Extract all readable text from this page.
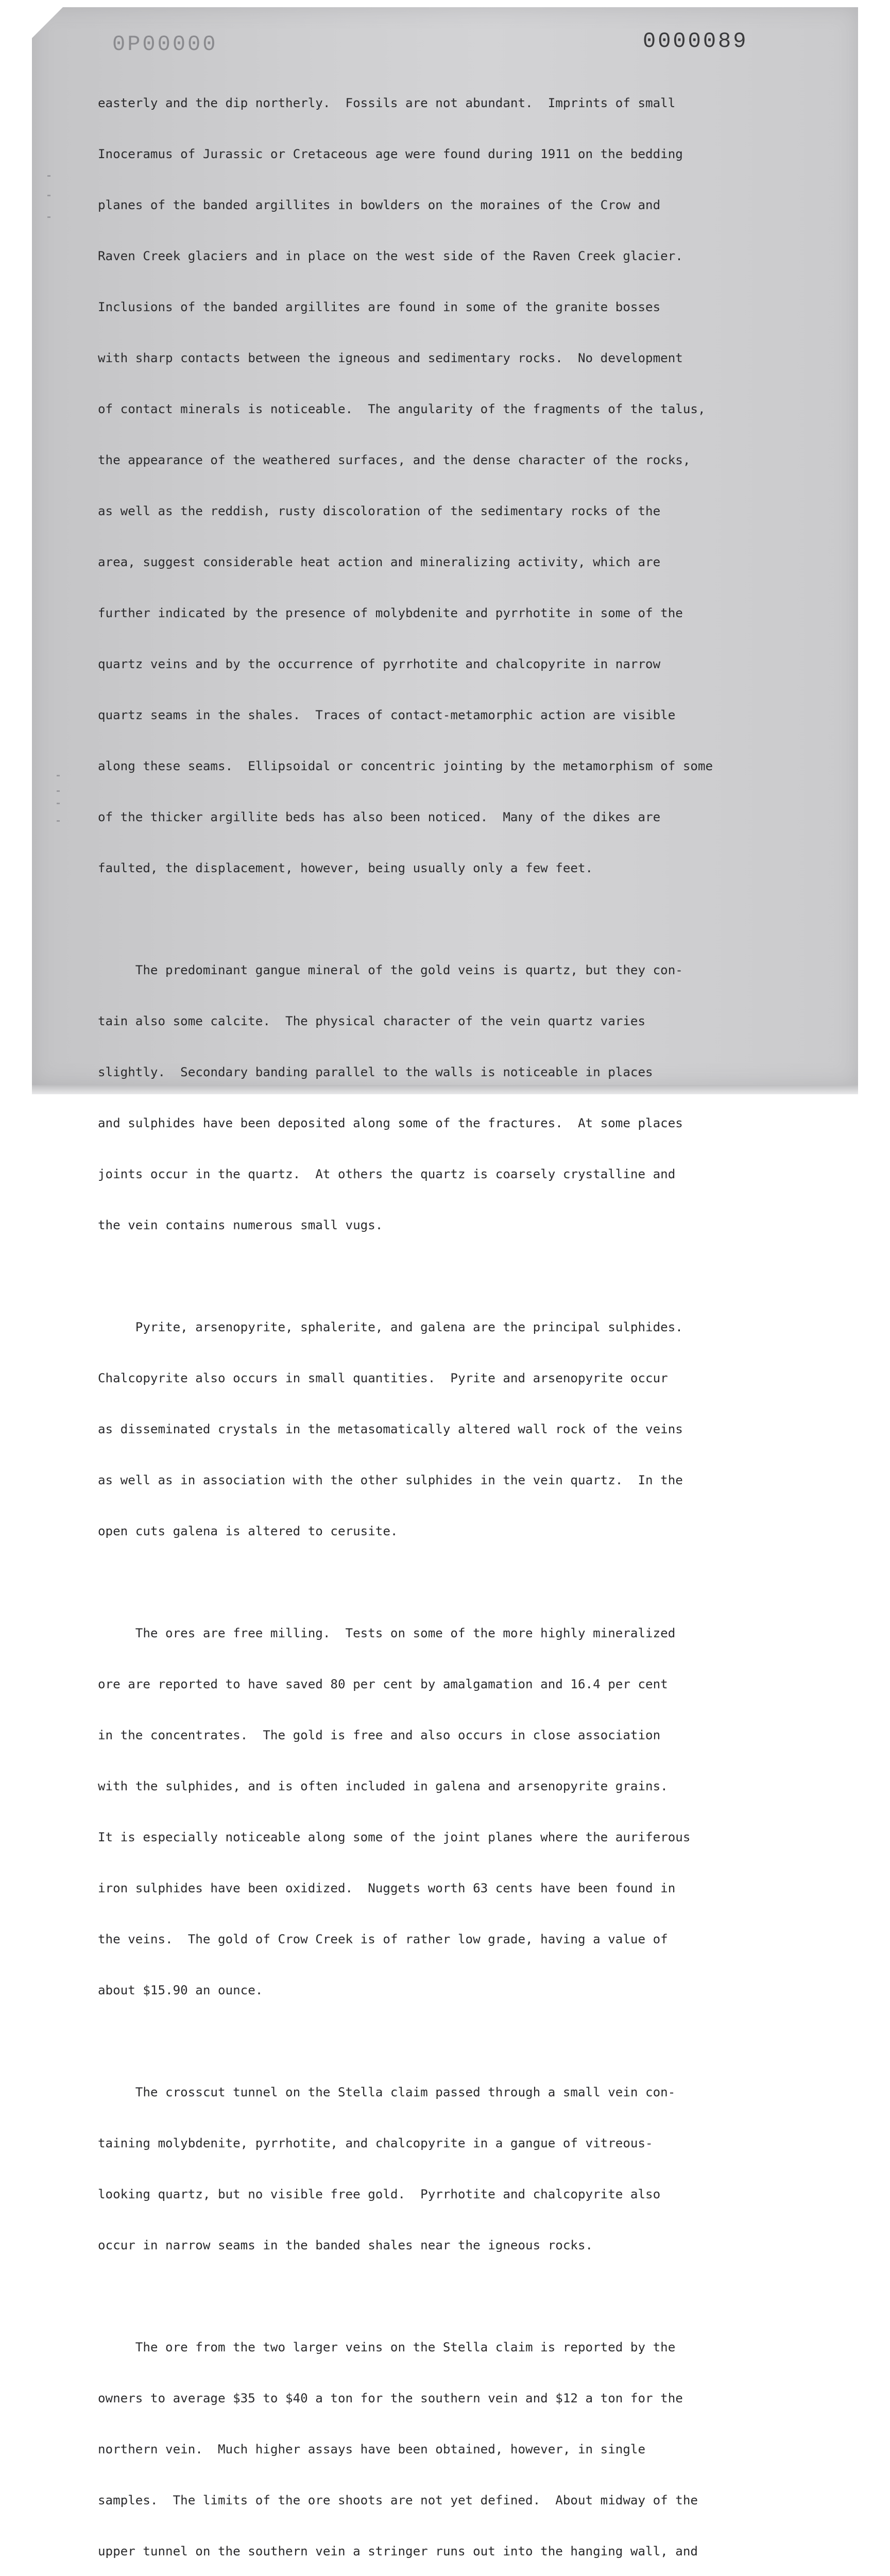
0P00000	0000089

easterly and the dip northerly.  Fossils are not abundant.  Imprints of small

Inoceramus of Jurassic or Cretaceous age were found during 1911 on the bedding

planes of the banded argillites in bowlders on the moraines of the Crow and

Raven Creek glaciers and in place on the west side of the Raven Creek glacier.

Inclusions of the banded argillites are found in some of the granite bosses

with sharp contacts between the igneous and sedimentary rocks.  No development

of contact minerals is noticeable.  The angularity of the fragments of the talus,

the appearance of the weathered surfaces, and the dense character of the rocks,

as well as the reddish, rusty discoloration of the sedimentary rocks of the

area, suggest considerable heat action and mineralizing activity, which are

further indicated by the presence of molybdenite and pyrrhotite in some of the

quartz veins and by the occurrence of pyrrhotite and chalcopyrite in narrow

quartz seams in the shales.  Traces of contact-metamorphic action are visible

along these seams.  Ellipsoidal or concentric jointing by the metamorphism of some

of the thicker argillite beds has also been noticed.  Many of the dikes are

faulted, the displacement, however, being usually only a few feet.

The predominant gangue mineral of the gold veins is quartz, but they con-

tain also some calcite.  The physical character of the vein quartz varies

slightly.  Secondary banding parallel to the walls is noticeable in places

and sulphides have been deposited along some of the fractures.  At some places

joints occur in the quartz.  At others the quartz is coarsely crystalline and

the vein contains numerous small vugs.

Pyrite, arsenopyrite, sphalerite, and galena are the principal sulphides.

Chalcopyrite also occurs in small quantities.  Pyrite and arsenopyrite occur

as disseminated crystals in the metasomatically altered wall rock of the veins

as well as in association with the other sulphides in the vein quartz.  In the

open cuts galena is altered to cerusite.

The ores are free milling.  Tests on some of the more highly mineralized

ore are reported to have saved 80 per cent by amalgamation and 16.4 per cent

in the concentrates.  The gold is free and also occurs in close association

with the sulphides, and is often included in galena and arsenopyrite grains.

It is especially noticeable along some of the joint planes where the auriferous

iron sulphides have been oxidized.  Nuggets worth 63 cents have been found in

the veins.  The gold of Crow Creek is of rather low grade, having a value of

about $15.90 an ounce.

The crosscut tunnel on the Stella claim passed through a small vein con-

taining molybdenite, pyrrhotite, and chalcopyrite in a gangue of vitreous-

looking quartz, but no visible free gold.  Pyrrhotite and chalcopyrite also

occur in narrow seams in the banded shales near the igneous rocks.

The ore from the two larger veins on the Stella claim is reported by the

owners to average $35 to $40 a ton for the southern vein and $12 a ton for the

northern vein.  Much higher assays have been obtained, however, in single

samples.  The limits of the ore shoots are not yet defined.  About midway of the

upper tunnel on the southern vein a stringer runs out into the hanging wall, and
